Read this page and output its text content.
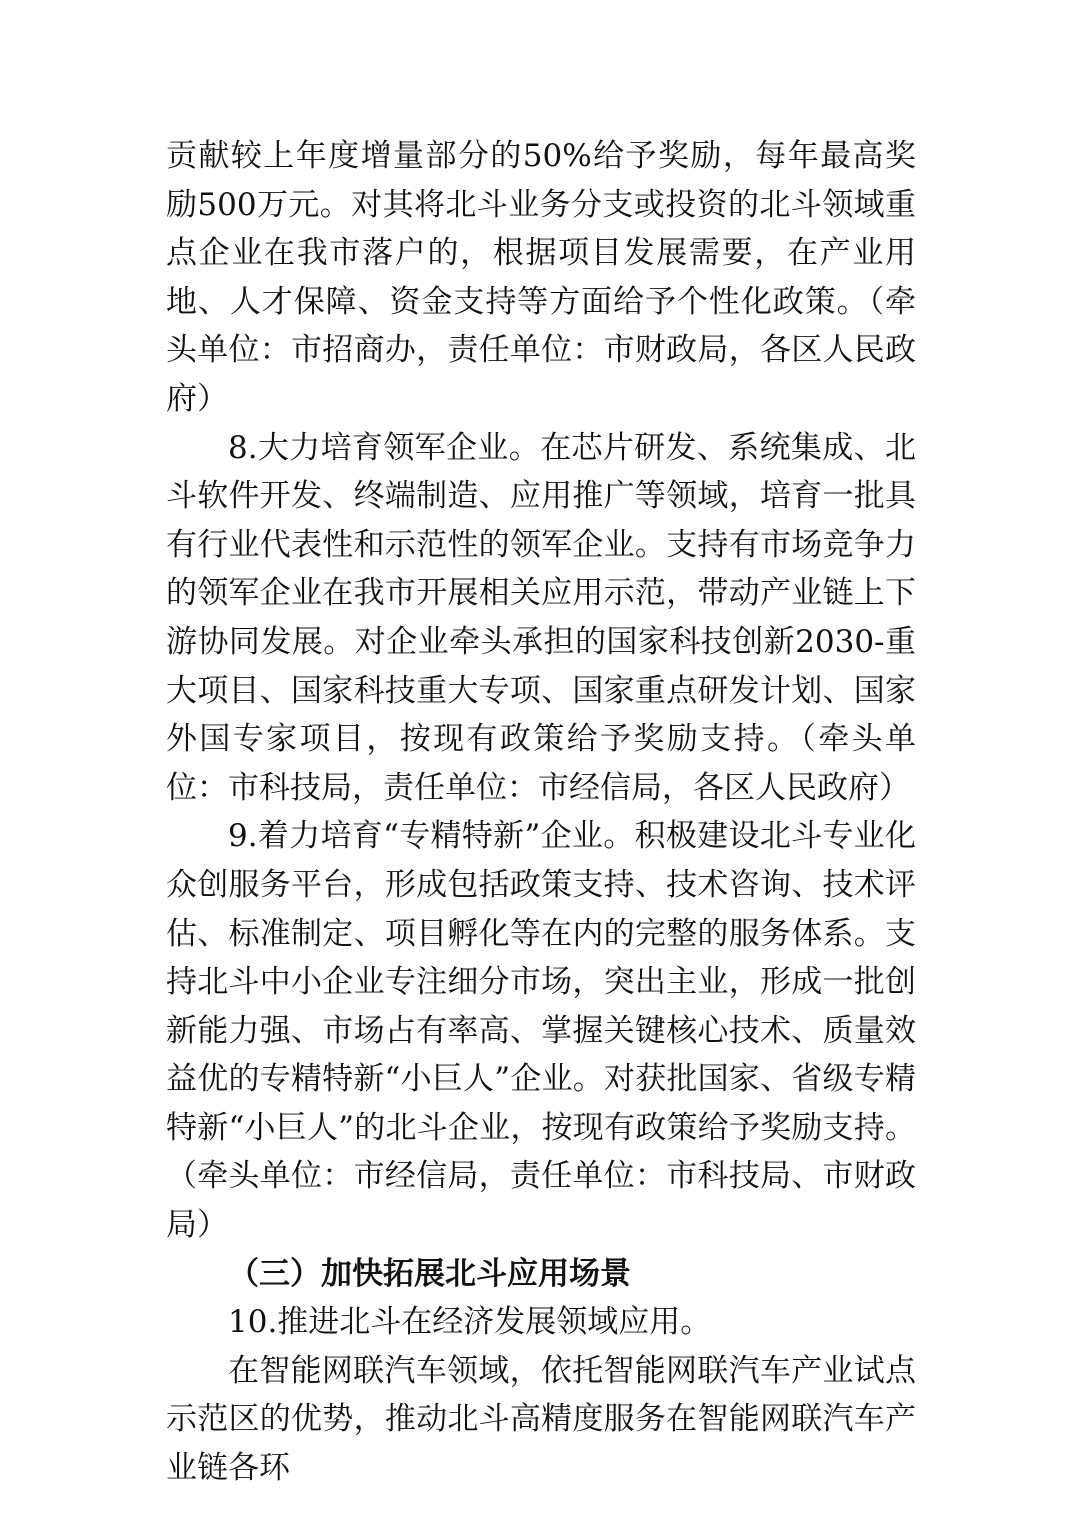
贡献较上年度增量部分的50%给予奖励，每年最高奖励500万元。对其将北斗业务分支或投资的北斗领域重点企业在我市落户的，根据项目发展需要，在产业用地、人才保障、资金支持等方面给予个性化政策。（牵头单位：市招商办，责任单位：市财政局，各区人民政府）

8.大力培育领军企业。在芯片研发、系统集成、北斗软件开发、终端制造、应用推广等领域，培育一批具有行业代表性和示范性的领军企业。支持有市场竞争力的领军企业在我市开展相关应用示范，带动产业链上下游协同发展。对企业牵头承担的国家科技创新2030-重大项目、国家科技重大专项、国家重点研发计划、国家外国专家项目，按现有政策给予奖励支持。（牵头单位：市科技局，责任单位：市经信局，各区人民政府）

9.着力培育“专精特新”企业。积极建设北斗专业化众创服务平台，形成包括政策支持、技术咨询、技术评估、标准制定、项目孵化等在内的完整的服务体系。支持北斗中小企业专注细分市场，突出主业，形成一批创新能力强、市场占有率高、掌握关键核心技术、质量效益优的专精特新“小巨人”企业。对获批国家、省级专精特新“小巨人”的北斗企业，按现有政策给予奖励支持。（牵头单位：市经信局，责任单位：市科技局、市财政局）

（三）加快拓展北斗应用场景

10.推进北斗在经济发展领域应用。

在智能网联汽车领域，依托智能网联汽车产业试点示范区的优势，推动北斗高精度服务在智能网联汽车产业链各环
